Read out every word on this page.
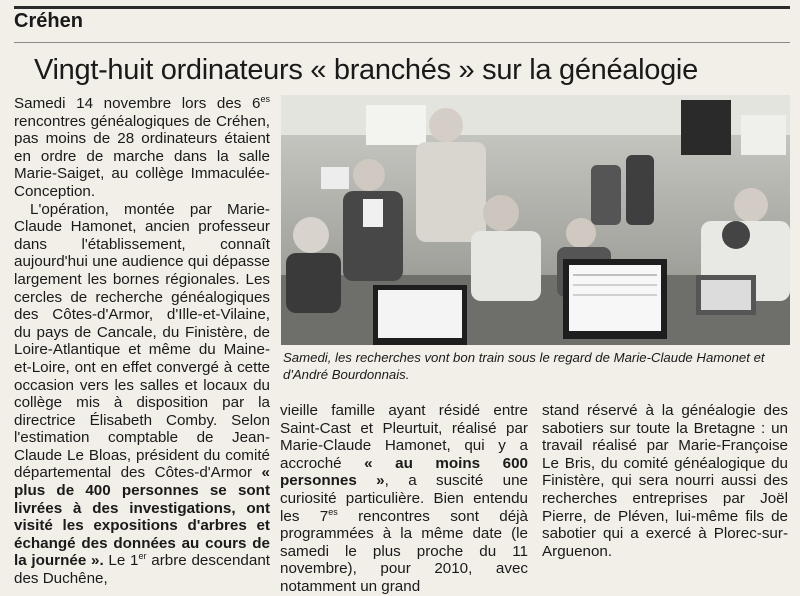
Créhen
Vingt-huit ordinateurs « branchés » sur la généalogie

Samedi 14 novembre lors des $6^{es}$ rencontres généalogiques de Créhen, pas moins de 28 ordinateurs étaient en ordre de marche dans la salle Marie-Saiget, au collège Immaculée-Conception.

L'opération, montée par Marie-Claude Hamonet, ancien professeur dans l'établissement, connaît aujourd'hui une audience qui dépasse largement les bornes régionales. Les cercles de recherche généalogiques des Côtes-d'Armor, d'Ille-et-Vilaine, du pays de Cancale, du Finistère, de Loire-Atlantique et même du Maine-et-Loire, ont en effet convergé à cette occasion vers les salles et locaux du collège mis à disposition par la directrice Élisabeth Comby. Selon l'estimation comptable de Jean-Claude Le Bloas, président du comité départemental des Côtes-d'Armor « plus de 400 personnes se sont livrées à des investigations, ont visité les expositions d'arbres et échangé des données au cours de la journée ». Le 1er arbre descendant des Duchêne,

Samedi, les recherches vont bon train sous le regard de Marie-Claude Hamonet et d'André Bourdonnais.

vieille famille ayant résidé entre Saint-Cast et Pleurtuit, réalisé par Marie-Claude Hamonet, qui y a accroché « au moins 600 personnes », a suscité une curiosité particulière. Bien entendu les $7^{es}$ rencontres sont déjà programmées à la même date (le samedi le plus proche du 11 novembre), pour 2010, avec notamment un grand

stand réservé à la généalogie des sabotiers sur toute la Bretagne : un travail réalisé par Marie-Françoise Le Bris, du comité généalogique du Finistère, qui sera nourri aussi des recherches entreprises par Joël Pierre, de Pléven, lui-même fils de sabotier qui a exercé à Plorec-sur-Arguenon.
